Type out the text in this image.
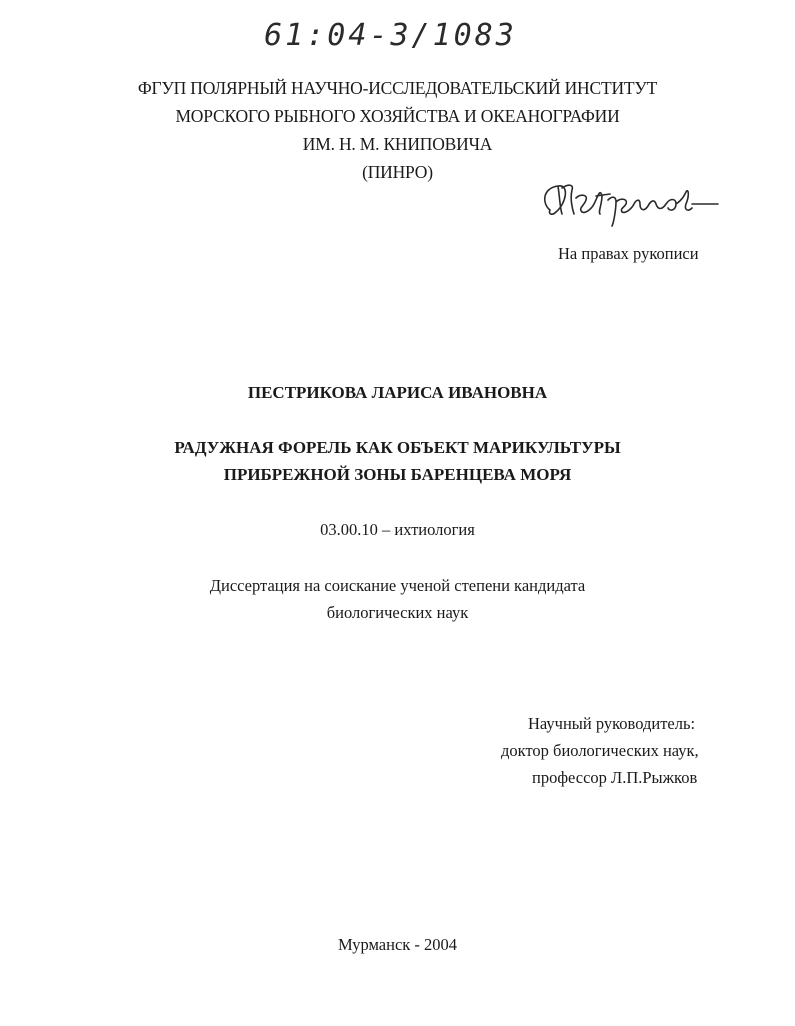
61:04-3/1083
ФГУП ПОЛЯРНЫЙ НАУЧНО-ИССЛЕДОВАТЕЛЬСКИЙ ИНСТИТУТ
МОРСКОГО РЫБНОГО ХОЗЯЙСТВА И ОКЕАНОГРАФИИ
ИМ. Н. М. КНИПОВИЧА
(ПИНРО)
На правах рукописи
ПЕСТРИКОВА ЛАРИСА ИВАНОВНА
РАДУЖНАЯ ФОРЕЛЬ КАК ОБЪЕКТ МАРИКУЛЬТУРЫ
ПРИБРЕЖНОЙ ЗОНЫ БАРЕНЦЕВА МОРЯ
03.00.10 – ихтиология
Диссертация на соискание ученой степени кандидата
биологических наук
Научный руководитель:
доктор биологических наук,
профессор Л.П.Рыжков
Мурманск - 2004
